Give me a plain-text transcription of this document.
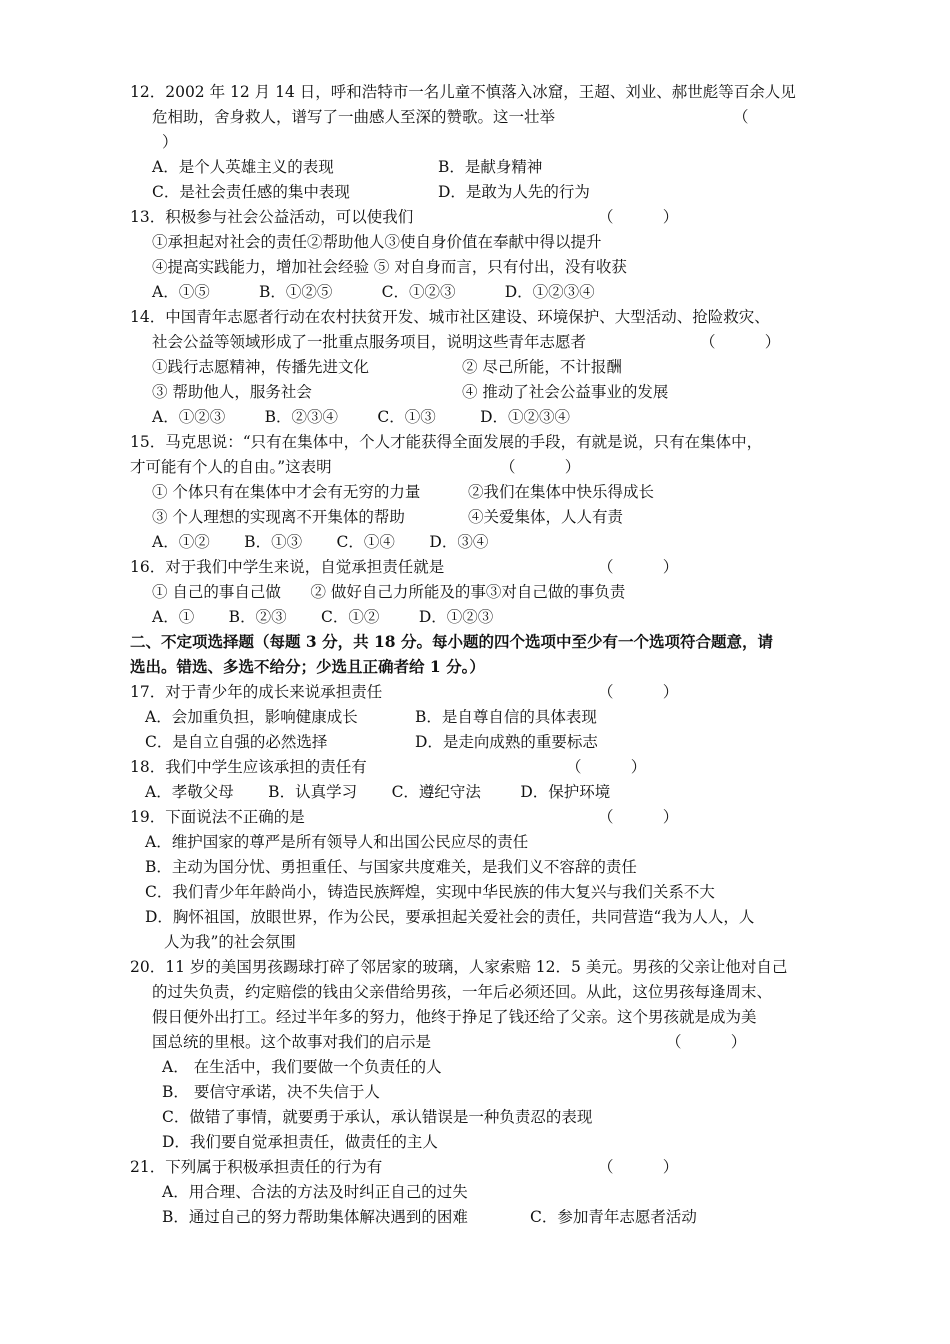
12．2002 年 12 月 14 日，呼和浩特市一名儿童不慎落入冰窟，王超、刘业、郝世彪等百余人见
危相助，舍身救人，谱写了一曲感人至深的赞歌。这一壮举	（
）
A．是个人英雄主义的表现	B．是献身精神
C．是社会责任感的集中表现	D．是敢为人先的行为
13．积极参与社会公益活动，可以使我们	（          ）
①承担起对社会的责任②帮助他人③使自身价值在奉献中得以提升
④提高实践能力，增加社会经验 ⑤ 对自身而言，只有付出，没有收获
A．①⑤          B．①②⑤          C．①②③          D．①②③④
14．中国青年志愿者行动在农村扶贫开发、城市社区建设、环境保护、大型活动、抢险救灾、
社会公益等领域形成了一批重点服务项目，说明这些青年志愿者	（          ）
①践行志愿精神，传播先进文化	② 尽己所能，不计报酬
③ 帮助他人，服务社会	④ 推动了社会公益事业的发展
A．①②③        B．②③④        C．①③         D．①②③④
15．马克思说：“只有在集体中，个人才能获得全面发展的手段，有就是说，只有在集体中，
才可能有个人的自由。”这表明	（          ）
① 个体只有在集体中才会有无穷的力量	②我们在集体中快乐得成长
③ 个人理想的实现离不开集体的帮助	④关爱集体，人人有责
A．①②       B．①③       C．①④       D．③④
16．对于我们中学生来说，自觉承担责任就是	（          ）
① 自己的事自己做      ② 做好自己力所能及的事③对自己做的事负责
A．①       B．②③       C．①②        D．①②③
二、不定项选择题（每题 3 分，共 18 分。每小题的四个选项中至少有一个选项符合题意，请
选出。错选、多选不给分；少选且正确者给 1 分。）
17．对于青少年的成长来说承担责任	（          ）
A．会加重负担，影响健康成长	B．是自尊自信的具体表现
C．是自立自强的必然选择	D．是走向成熟的重要标志
18．我们中学生应该承担的责任有	（          ）
A．孝敬父母       B．认真学习       C．遵纪守法        D．保护环境
19．下面说法不正确的是	（          ）
A．维护国家的尊严是所有领导人和出国公民应尽的责任
B．主动为国分忧、勇担重任、与国家共度难关，是我们义不容辞的责任
C．我们青少年年龄尚小，铸造民族辉煌，实现中华民族的伟大复兴与我们关系不大
D．胸怀祖国，放眼世界，作为公民，要承担起关爱社会的责任，共同营造“我为人人，人
人为我”的社会氛围
20．11 岁的美国男孩踢球打碎了邻居家的玻璃，人家索赔 12．5 美元。男孩的父亲让他对自己
的过失负责，约定赔偿的钱由父亲借给男孩，一年后必须还回。从此，这位男孩每逢周末、
假日便外出打工。经过半年多的努力，他终于挣足了钱还给了父亲。这个男孩就是成为美
国总统的里根。这个故事对我们的启示是	（          ）
A． 在生活中，我们要做一个负责任的人
B． 要信守承诺，决不失信于人
C．做错了事情，就要勇于承认，承认错误是一种负责忍的表现
D．我们要自觉承担责任，做责任的主人
21．下列属于积极承担责任的行为有	（          ）
A．用合理、合法的方法及时纠正自己的过失
B．通过自己的努力帮助集体解决遇到的困难	C．参加青年志愿者活动
